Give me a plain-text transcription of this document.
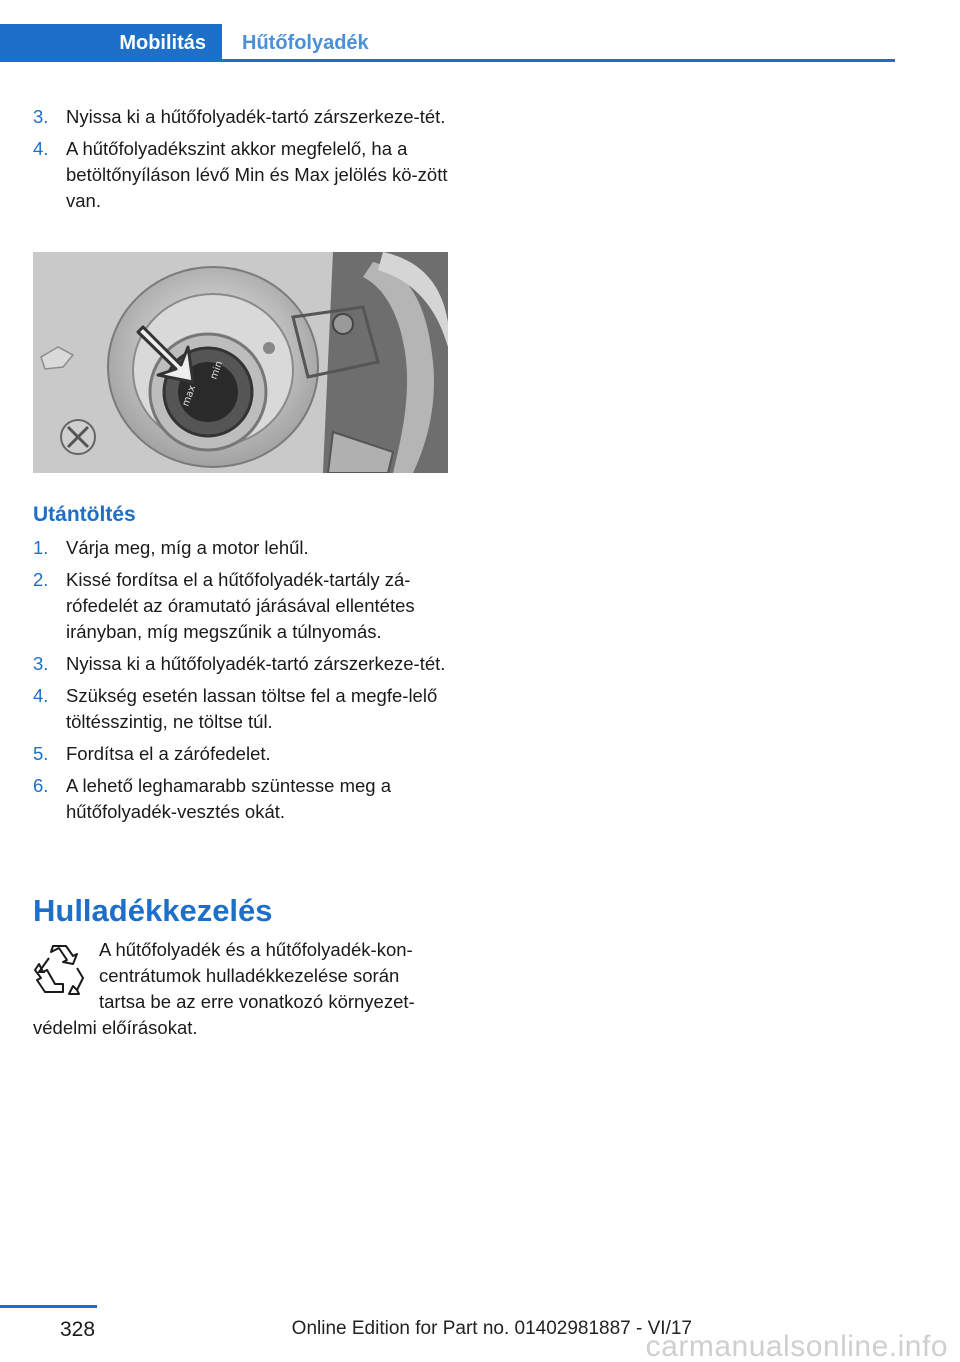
Mobilitás	Hűtőfolyadék
3. Nyissa ki a hűtőfolyadék-tartó zárszerkeze‐tét.
4. A hűtőfolyadékszint akkor megfelelő, ha a betöltőnyíláson lévő Min és Max jelölés kö‐zött van.
min
max
Utántöltés
1. Várja meg, míg a motor lehűl.
2. Kissé fordítsa el a hűtőfolyadék-tartály zá‐rófedelét az óramutató járásával ellentétes irányban, míg megszűnik a túlnyomás.
3. Nyissa ki a hűtőfolyadék-tartó zárszerkeze‐tét.
4. Szükség esetén lassan töltse fel a megfe‐lelő töltésszintig, ne töltse túl.
5. Fordítsa el a zárófedelet.
6. A lehető leghamarabb szüntesse meg a hűtőfolyadék-vesztés okát.
Hulladékkezelés
A hűtőfolyadék és a hűtőfolyadék-kon‐
centrátumok hulladékkezelése során
tartsa be az erre vonatkozó környezet‐
védelmi előírásokat.
328	Online Edition for Part no. 01402981887 - VI/17
carmanualsonline.info
